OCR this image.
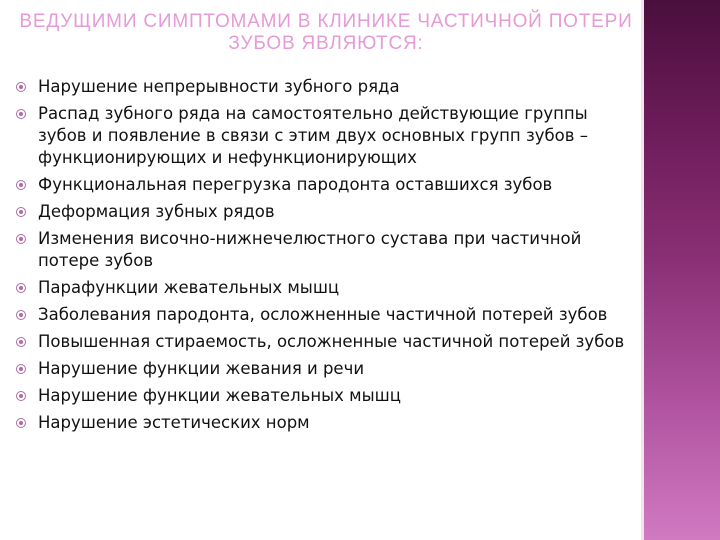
ВЕДУЩИМИ СИМПТОМАМИ В КЛИНИКЕ ЧАСТИЧНОЙ ПОТЕРИ ЗУБОВ ЯВЛЯЮТСЯ:
Нарушение непрерывности зубного ряда
Распад зубного ряда на самостоятельно действующие группы зубов и появление в связи с этим двух основных групп зубов – функционирующих и нефункционирующих
Функциональная перегрузка пародонта оставшихся зубов
Деформация зубных рядов
Изменения височно-нижнечелюстного сустава при частичной потере зубов
Парафункции жевательных мышц
Заболевания пародонта, осложненные частичной потерей зубов
Повышенная стираемость, осложненные частичной потерей зубов
Нарушение функции жевания и речи
Нарушение функции жевательных мышц
Нарушение эстетических норм
